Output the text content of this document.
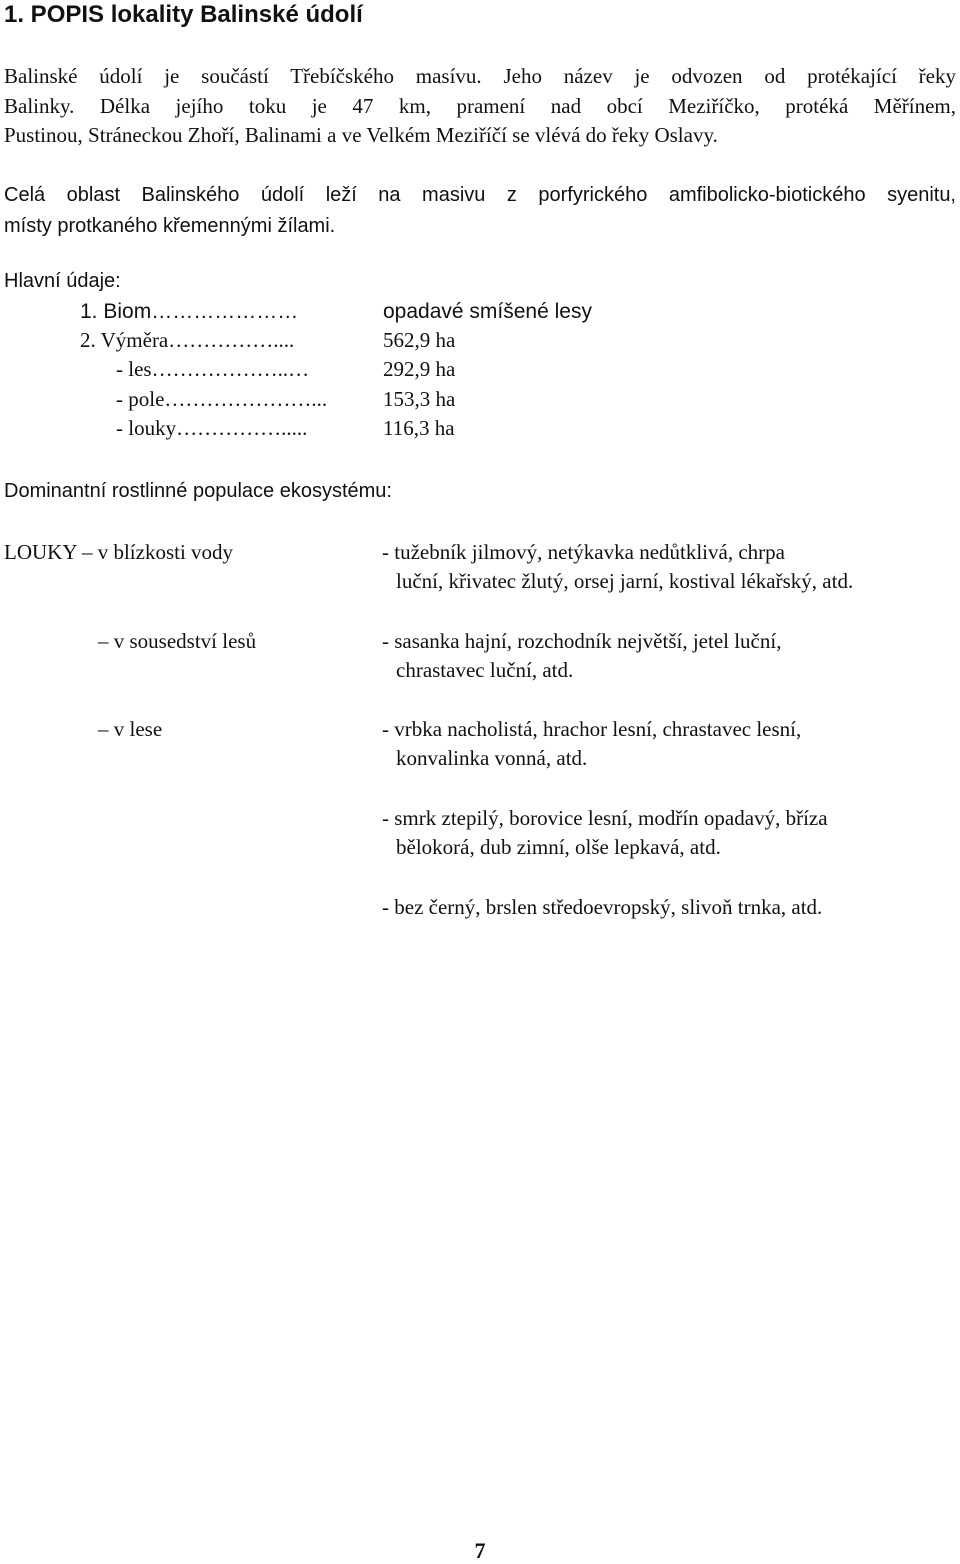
1. POPIS lokality Balinské údolí
Balinské údolí je součástí Třebíčského masívu. Jeho název je odvozen od protékající řeky
Balinky. Délka jejího toku je 47 km, pramení nad obcí Meziříčko, protéká Měřínem,
Pustinou, Stráneckou Zhoří, Balinami a ve Velkém Meziříčí se vlévá do řeky Oslavy.
Celá oblast Balinského údolí leží na masivu z porfyrického amfibolicko-biotického syenitu,
místy protkaného křemennými žílami.
Hlavní údaje:
1. Biom…………………	opadavé smíšené lesy
2. Výměra……………....	562,9 ha
- les………………..…	292,9 ha
- pole…………………...	153,3 ha
- louky…………….....	116,3 ha
Dominantní rostlinné populace ekosystému:
LOUKY – v blízkosti vody	- tužebník jilmový, netýkavka nedůtklivá, chrpa
luční, křivatec žlutý, orsej jarní, kostival lékařský, atd.
– v sousedství lesů	- sasanka hajní, rozchodník největší, jetel luční,
chrastavec luční, atd.
– v lese	- vrbka nacholistá, hrachor lesní, chrastavec lesní,
konvalinka vonná, atd.
- smrk ztepilý, borovice lesní, modřín opadavý, bříza
bělokorá, dub zimní, olše lepkavá, atd.
- bez černý, brslen středoevropský, slivoň trnka, atd.
7
